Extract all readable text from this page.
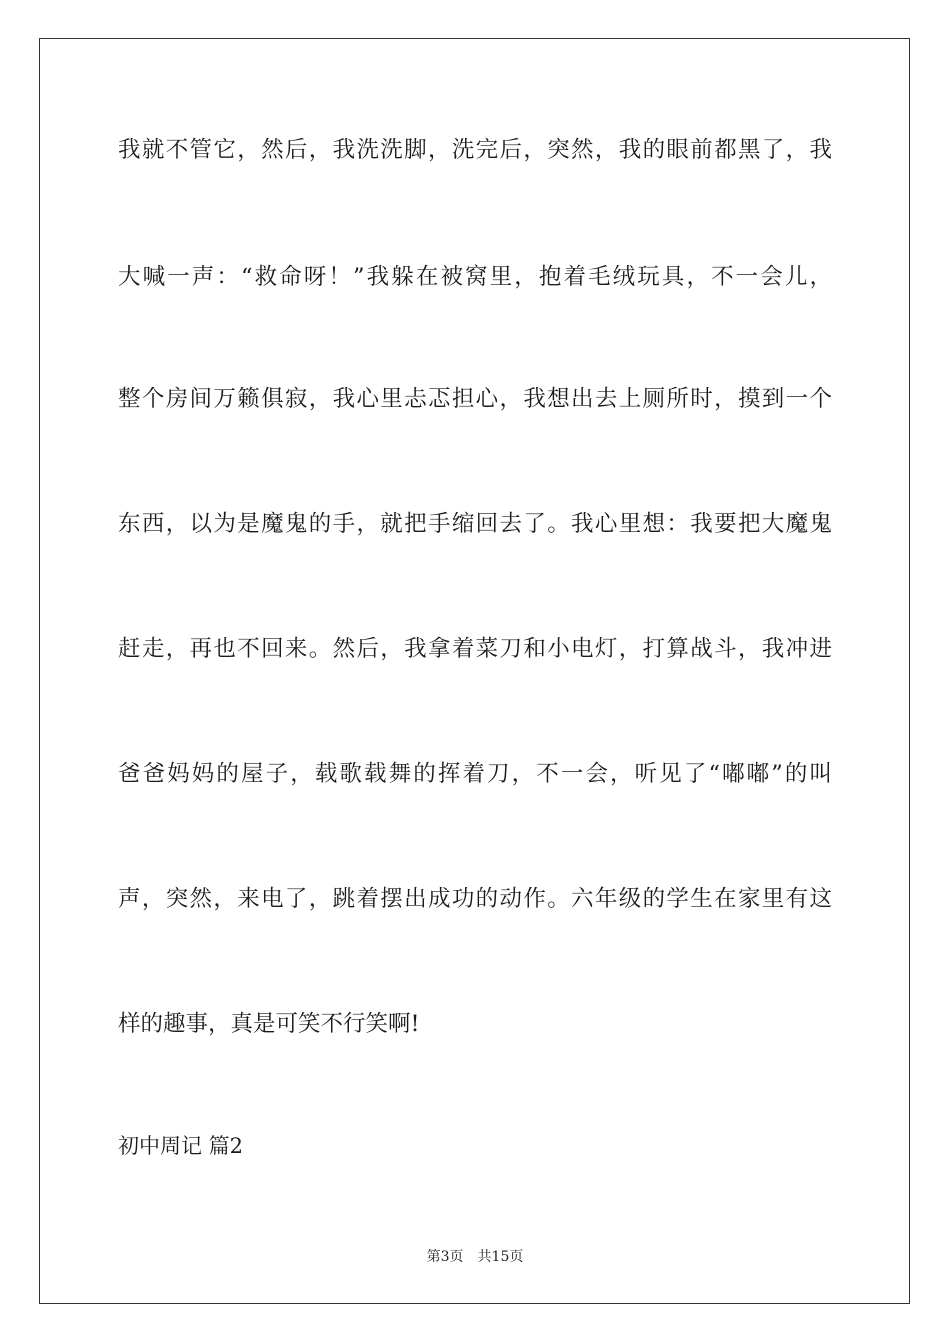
我就不管它，然后，我洗洗脚，洗完后，突然，我的眼前都黑了，我
大喊一声：“救命呀！”我躲在被窝里，抱着毛绒玩具，不一会儿，
整个房间万籁俱寂，我心里忐忑担心，我想出去上厕所时，摸到一个
东西，以为是魔鬼的手，就把手缩回去了。我心里想：我要把大魔鬼
赶走，再也不回来。然后，我拿着菜刀和小电灯，打算战斗，我冲进
爸爸妈妈的屋子，载歌载舞的挥着刀，不一会，听见了“嘟嘟”的叫
声，突然，来电了，跳着摆出成功的动作。六年级的学生在家里有这
样的趣事，真是可笑不行笑啊!
初中周记 篇2
第3页 共15页
